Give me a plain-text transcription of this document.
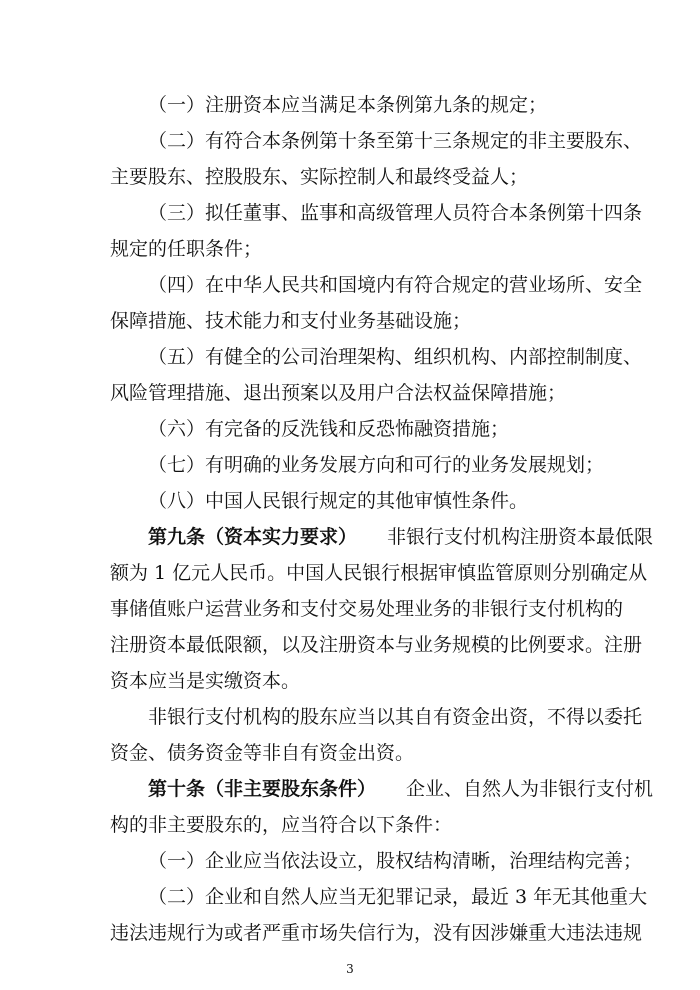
（一）注册资本应当满足本条例第九条的规定；
（二）有符合本条例第十条至第十三条规定的非主要股东、
主要股东、控股股东、实际控制人和最终受益人；
（三）拟任董事、监事和高级管理人员符合本条例第十四条
规定的任职条件；
（四）在中华人民共和国境内有符合规定的营业场所、安全
保障措施、技术能力和支付业务基础设施；
（五）有健全的公司治理架构、组织机构、内部控制制度、
风险管理措施、退出预案以及用户合法权益保障措施；
（六）有完备的反洗钱和反恐怖融资措施；
（七）有明确的业务发展方向和可行的业务发展规划；
（八）中国人民银行规定的其他审慎性条件。
第九条（资本实力要求） 非银行支付机构注册资本最低限
额为 1 亿元人民币。中国人民银行根据审慎监管原则分别确定从
事储值账户运营业务和支付交易处理业务的非银行支付机构的
注册资本最低限额，以及注册资本与业务规模的比例要求。注册
资本应当是实缴资本。
非银行支付机构的股东应当以其自有资金出资，不得以委托
资金、债务资金等非自有资金出资。
第十条（非主要股东条件） 企业、自然人为非银行支付机
构的非主要股东的，应当符合以下条件：
（一）企业应当依法设立，股权结构清晰，治理结构完善；
（二）企业和自然人应当无犯罪记录，最近 3 年无其他重大
违法违规行为或者严重市场失信行为，没有因涉嫌重大违法违规
3
